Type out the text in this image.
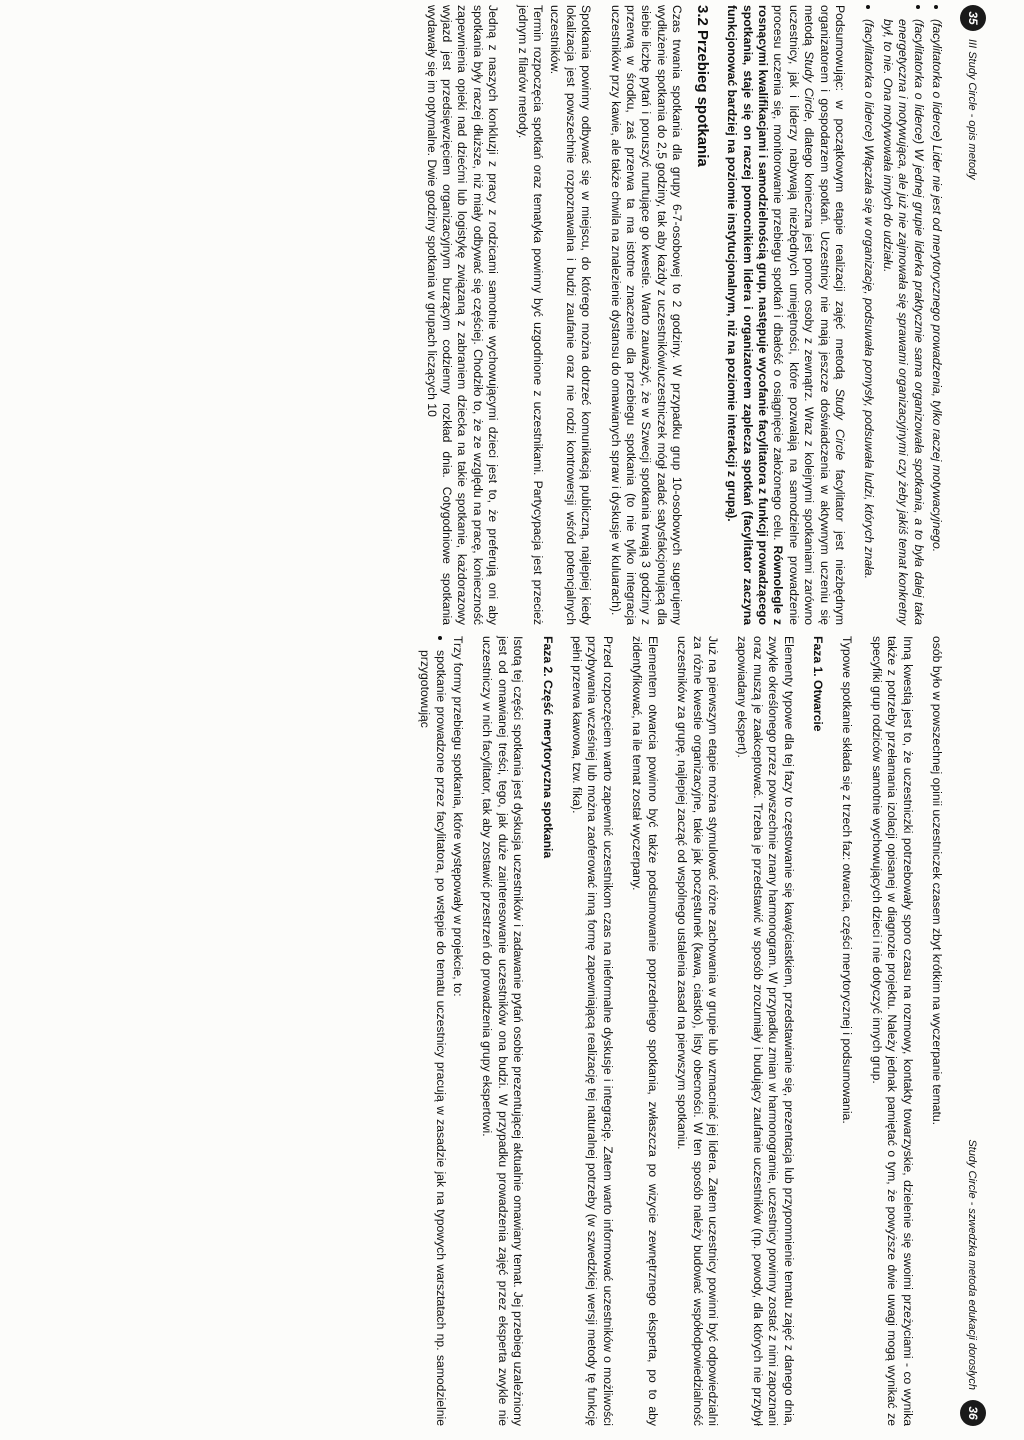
Study Circle - szwedzka metoda edukacji dorosłych
36

osób było w powszechnej opinii uczestniczek czasem zbyt krótkim na wyczerpanie tematu.

Inną kwestią jest to, że uczestniczki potrzebowały sporo czasu na rozmowy, kontakty towarzyskie, dzielenie się swoimi przeżyciami - co wynika także z potrzeby przełamania izolacji opisanej w diagnozie projektu. Należy jednak pamiętać o tym, że powyższe dwie uwagi mogą wynikać ze specyfiki grup rodziców samotnie wychowujących dzieci i nie dotyczyć innych grup.

Typowe spotkanie składa się z trzech faz: otwarcia, części merytorycznej i podsumowania.

Faza 1. Otwarcie

Elementy typowe dla tej fazy to częstowanie się kawą/ciastkiem, przedstawianie się, prezentacja lub przypomnienie tematu zajęć z danego dnia, zwykle określonego przez powszechnie znany harmonogram. W przypadku zmian w harmonogramie, uczestnicy powinny zostać z nimi zapoznani oraz muszą je zaakceptować. Trzeba je przedstawić w sposób zrozumiały i budujący zaufanie uczestników (np. powody, dla których nie przybył zapowiadany ekspert).

Już na pierwszym etapie można stymulować różne zachowania w grupie lub wzmacniać jej lidera. Zatem uczestnicy powinni być odpowiedzialni za różne kwestie organizacyjne, takie jak poczęstunek (kawa, ciastko), listy obecności. W ten sposób należy budować współodpowiedzialność uczestników za grupę, najlepiej zacząć od wspólnego ustalenia zasad na pierwszym spotkaniu.

Elementem otwarcia powinno być także podsumowanie poprzedniego spotkania, zwłaszcza po wizycie zewnętrznego eksperta, po to aby zidentyfikować, na ile temat został wyczerpany.

Przed rozpoczęciem warto zapewnić uczestnikom czas na nieformalne dyskusje i integrację. Zatem warto informować uczestników o możliwości przybywania wcześniej lub można zaoferować inną formę zapewniającą realizację tej naturalnej potrzeby (w szwedzkiej wersji metody tę funkcję pełni przerwa kawowa, tzw. fika).

Faza 2. Część merytoryczna spotkania

Istotą tej części spotkania jest dyskusja uczestników i zadawanie pytań osobie prezentującej aktualnie omawiany temat. Jej przebieg uzależniony jest od omawianej treści, tego, jak duże zainteresowanie uczestników ona budzi. W przypadku prowadzenia zajęć przez eksperta zwykle nie uczestniczy w nich facylitator, tak aby zostawić przestrzeń do prowadzenia grupy ekspertowi.

Trzy formy przebiegu spotkania, które występowały w projekcie, to:

• spotkanie prowadzone przez facylitatora, po wstępie do tematu uczestnicy pracują w zasadzie jak na typowych warsztatach np. samodzielnie przygotowując
35
III Study Circle - opis metody
• (facylitatorka o liderce) Lider nie jest od merytorycznego prowadzenia, tylko raczej motywacyjnego.
• (facylitatorka o liderce) W jednej grupie liderka praktycznie sama organizowała spotkania, a to była dalej taka energetyczna i motywująca, ale już nie zajmowała się sprawami organizacyjnymi czy żeby jakiś temat konkretny był, to nie. Ona motywowała innych do udziału.
• (facylitatorka o liderce) Włączała się w organizację, podsuwała pomysły, podsuwała ludzi, których znała.

Podsumowując: w początkowym etapie realizacji zajęć metodą Study Circle facylitator jest niezbędnym organizatorem i gospodarzem spotkań. Uczestnicy nie mają jeszcze doświadczenia w aktywnym uczeniu się metodą Study Circle, dlatego konieczna jest pomoc osoby z zewnątrz. Wraz z kolejnymi spotkaniami zarówno uczestnicy, jak i liderzy nabywają niezbędnych umiejętności, które pozwalają na samodzielne prowadzenie procesu uczenia się, monitorowanie przebiegu spotkań i dbałość o osiągnięcie założonego celu. Równolegle z rosnącymi kwalifikacjami i samodzielnością grup, następuje wycofanie facylitatora z funkcji prowadzącego spotkania, staje się on raczej pomocnikiem lidera i organizatorem zaplecza spotkań (facylitator zaczyna funkcjonować bardziej na poziomie instytucjonalnym, niż na poziomie interakcji z grupą).

3.2 Przebieg spotkania

Czas trwania spotkania dla grupy 6-7-osobowej to 2 godziny. W przypadku grup 10-osobowych sugerujemy wydłużenie spotkania do 2,5 godziny, tak aby każdy z uczestników/uczestniczek mógł zadać satysfakcjonującą dla siebie liczbę pytań i poruszyć nurtujące go kwestie. Warto zauważyć, że w Szwecji spotkania trwają 3 godziny z przerwą w środku, zaś przerwa ta ma istotne znaczenie dla przebiegu spotkania (to nie tylko integracja uczestników przy kawie, ale także chwila na znalezienie dystansu do omawianych spraw i dyskusje w kuluarach).

Spotkania powinny odbywać się w miejscu, do którego można dotrzeć komunikacją publiczną, najlepiej kiedy lokalizacja jest powszechnie rozpoznawalna i budzi zaufanie oraz nie rodzi kontrowersji wśród potencjalnych uczestników.

Termin rozpoczęcia spotkań oraz tematyka powinny być uzgodnione z uczestnikami. Partycypacja jest przecież jednym z filarów metody.

Jedną z naszych konkluzji z pracy z rodzicami samotnie wychowującymi dzieci jest to, że preferują oni aby spotkania były raczej dłuższe, niż miały odbywać się częściej. Chodziło to, że ze względu na pracę, konieczność zapewnienia opieki nad dziećmi lub logistykę związaną z zabraniem dziecka na takie spotkanie, każdorazowy wyjazd jest przedsięwzięciem organizacyjnym burzącym codzienny rozkład dnia. Cotygodniowe spotkania wydawały się im optymalne. Dwie godziny spotkania w grupach liczących 10
